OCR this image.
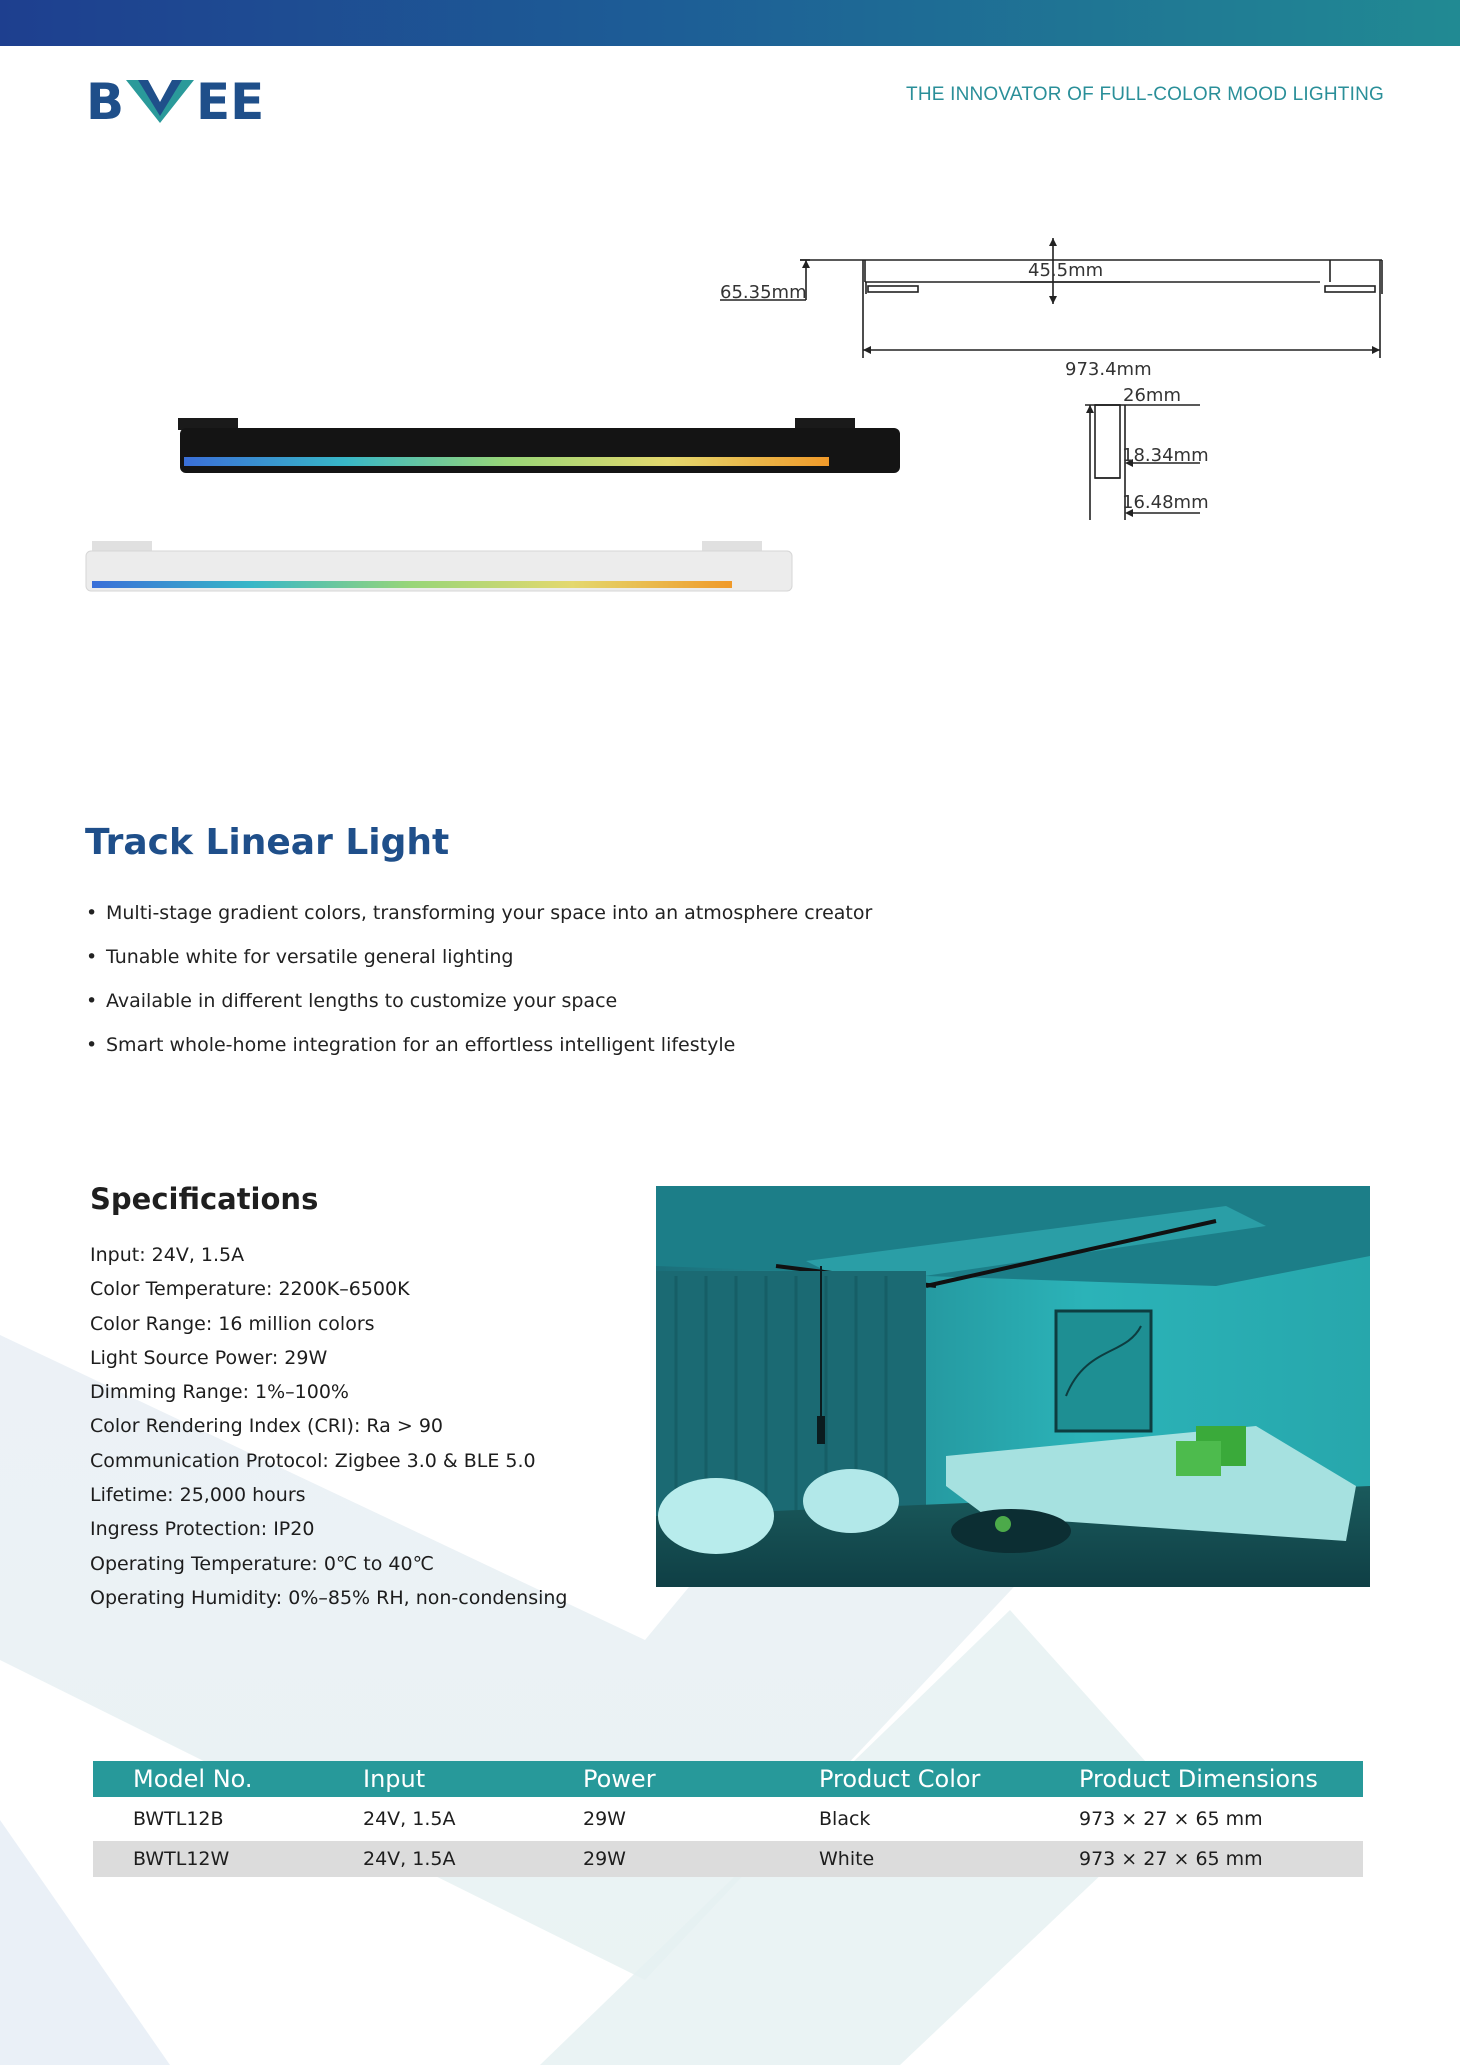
B EE	THE INNOVATOR OF FULL-COLOR MOOD LIGHTING
65.35mm
45.5mm
973.4mm
26mm
18.34mm
16.48mm
Track Linear Light
• Multi-stage gradient colors, transforming your space into an atmosphere creator
• Tunable white for versatile general lighting
• Available in different lengths to customize your space
• Smart whole-home integration for an effortless intelligent lifestyle
Specifications
Input: 24V, 1.5A
Color Temperature: 2200K–6500K
Color Range: 16 million colors
Light Source Power: 29W
Dimming Range: 1%–100%
Color Rendering Index (CRI): Ra > 90
Communication Protocol: Zigbee 3.0 & BLE 5.0
Lifetime: 25,000 hours
Ingress Protection: IP20
Operating Temperature: 0℃ to 40℃
Operating Humidity: 0%–85% RH, non-condensing
Model No.	Input	Power	Product Color	Product Dimensions
BWTL12B	24V, 1.5A	29W	Black	973 × 27 × 65 mm
BWTL12W	24V, 1.5A	29W	White	973 × 27 × 65 mm
